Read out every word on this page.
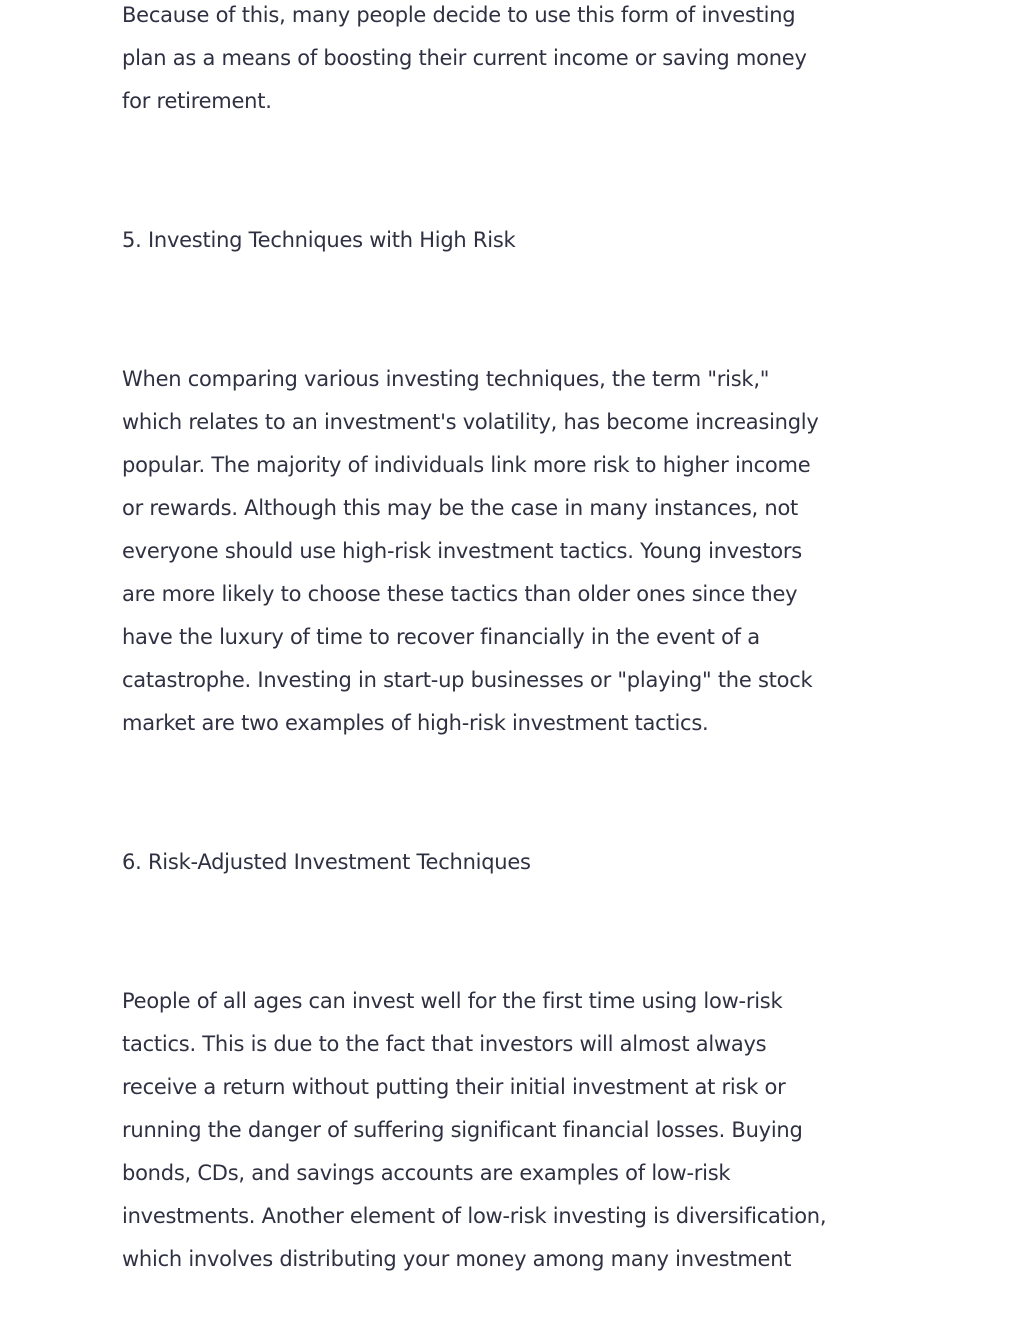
Because of this, many people decide to use this form of investing
plan as a means of boosting their current income or saving money
for retirement.
5. Investing Techniques with High Risk
When comparing various investing techniques, the term "risk,"
which relates to an investment's volatility, has become increasingly
popular. The majority of individuals link more risk to higher income
or rewards. Although this may be the case in many instances, not
everyone should use high-risk investment tactics. Young investors
are more likely to choose these tactics than older ones since they
have the luxury of time to recover financially in the event of a
catastrophe. Investing in start-up businesses or "playing" the stock
market are two examples of high-risk investment tactics.
6. Risk-Adjusted Investment Techniques
People of all ages can invest well for the first time using low-risk
tactics. This is due to the fact that investors will almost always
receive a return without putting their initial investment at risk or
running the danger of suffering significant financial losses. Buying
bonds, CDs, and savings accounts are examples of low-risk
investments. Another element of low-risk investing is diversification,
which involves distributing your money among many investment
